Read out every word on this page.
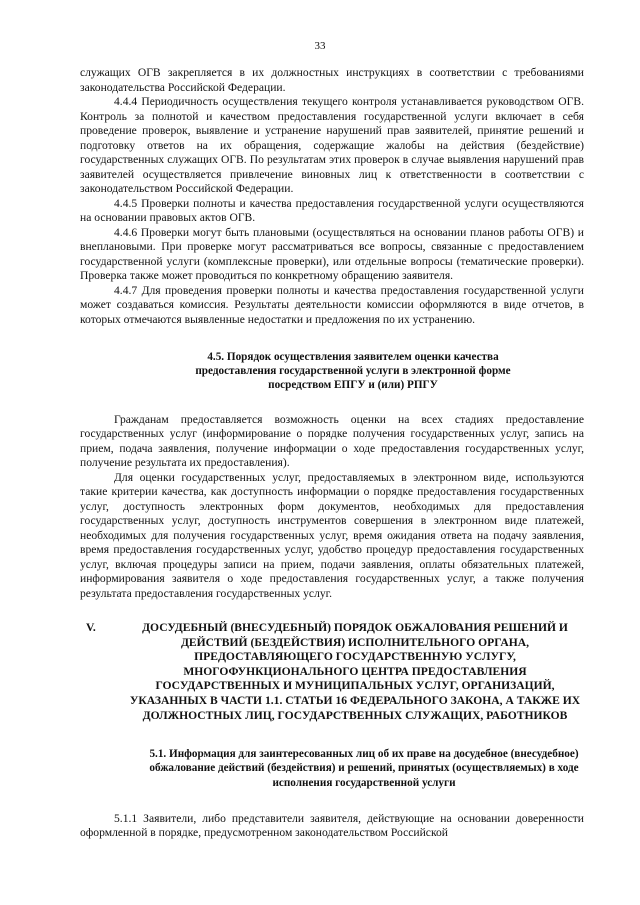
33

служащих ОГВ закрепляется в их должностных инструкциях в соответствии с требованиями законодательства Российской Федерации.

4.4.4 Периодичность осуществления текущего контроля устанавливается руководством ОГВ. Контроль за полнотой и качеством предоставления государственной услуги включает в себя проведение проверок, выявление и устранение нарушений прав заявителей, принятие решений и подготовку ответов на их обращения, содержащие жалобы на действия (бездействие) государственных служащих ОГВ. По результатам этих проверок в случае выявления нарушений прав заявителей осуществляется привлечение виновных лиц к ответственности в соответствии с законодательством Российской Федерации.

4.4.5 Проверки полноты и качества предоставления государственной услуги осуществляются на основании правовых актов ОГВ.

4.4.6 Проверки могут быть плановыми (осуществляться на основании планов работы ОГВ) и внеплановыми. При проверке могут рассматриваться все вопросы, связанные с предоставлением государственной услуги (комплексные проверки), или отдельные вопросы (тематические проверки). Проверка также может проводиться по конкретному обращению заявителя.

4.4.7 Для проведения проверки полноты и качества предоставления государственной услуги может создаваться комиссия. Результаты деятельности комиссии оформляются в виде отчетов, в которых отмечаются выявленные недостатки и предложения по их устранению.

4.5. Порядок осуществления заявителем оценки качества предоставления государственной услуги в электронной форме посредством ЕПГУ и (или) РПГУ

Гражданам предоставляется возможность оценки на всех стадиях предоставление государственных услуг (информирование о порядке получения государственных услуг, запись на прием, подача заявления, получение информации о ходе предоставления государственных услуг, получение результата их предоставления).

Для оценки государственных услуг, предоставляемых в электронном виде, используются такие критерии качества, как доступность информации о порядке предоставления государственных услуг, доступность электронных форм документов, необходимых для предоставления государственных услуг, доступность инструментов совершения в электронном виде платежей, необходимых для получения государственных услуг, время ожидания ответа на подачу заявления, время предоставления государственных услуг, удобство процедур предоставления государственных услуг, включая процедуры записи на прием, подачи заявления, оплаты обязательных платежей, информирования заявителя о ходе предоставления государственных услуг, а также получения результата предоставления государственных услуг.

V.	ДОСУДЕБНЫЙ (ВНЕСУДЕБНЫЙ) ПОРЯДОК ОБЖАЛОВАНИЯ РЕШЕНИЙ И ДЕЙСТВИЙ (БЕЗДЕЙСТВИЯ) ИСПОЛНИТЕЛЬНОГО ОРГАНА, ПРЕДОСТАВЛЯЮЩЕГО ГОСУДАРСТВЕННУЮ УСЛУГУ, МНОГОФУНКЦИОНАЛЬНОГО ЦЕНТРА ПРЕДОСТАВЛЕНИЯ ГОСУДАРСТВЕННЫХ И МУНИЦИПАЛЬНЫХ УСЛУГ, ОРГАНИЗАЦИЙ, УКАЗАННЫХ В ЧАСТИ 1.1. СТАТЬИ 16 ФЕДЕРАЛЬНОГО ЗАКОНА, А ТАКЖЕ ИХ ДОЛЖНОСТНЫХ ЛИЦ, ГОСУДАРСТВЕННЫХ СЛУЖАЩИХ, РАБОТНИКОВ
5.1. Информация для заинтересованных лиц об их праве на досудебное (внесудебное) обжалование действий (бездействия) и решений, принятых (осуществляемых) в ходе исполнения государственной услуги

5.1.1 Заявители, либо представители заявителя, действующие на основании доверенности оформленной в порядке, предусмотренном законодательством Российской
